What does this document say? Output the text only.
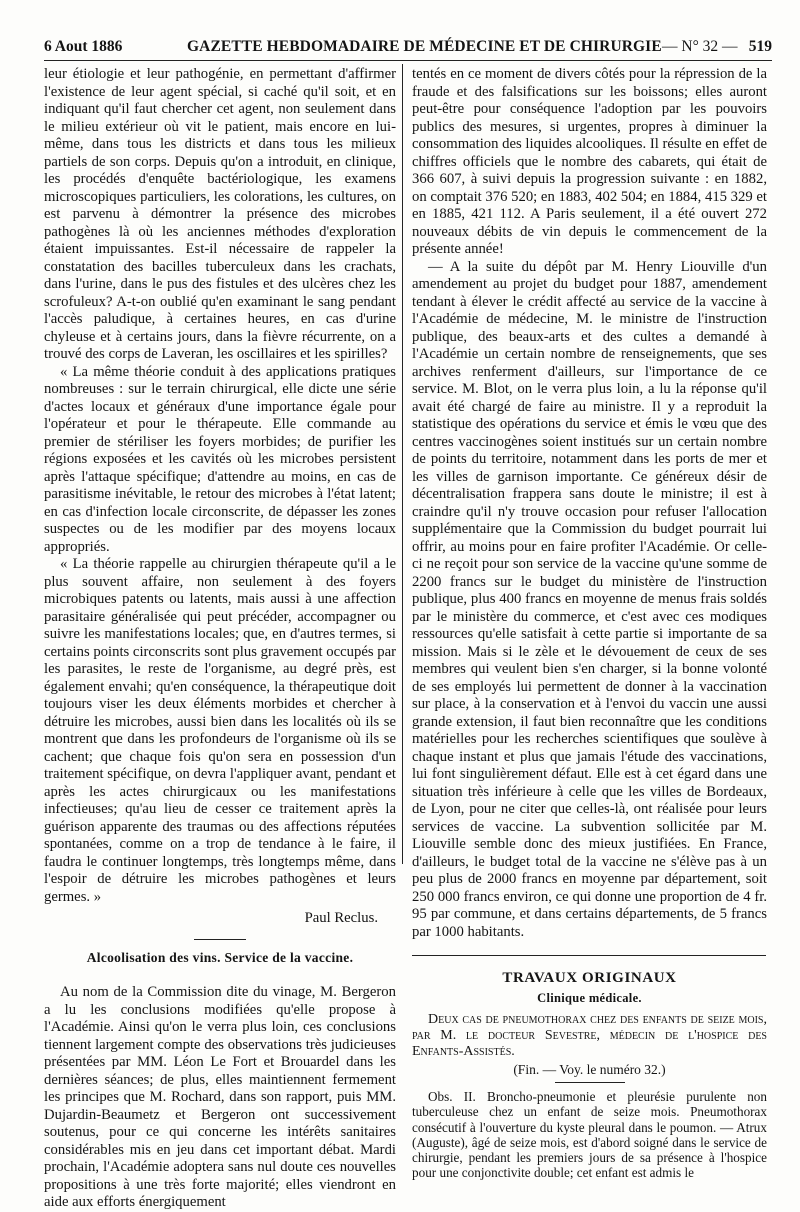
6 Aout 1886	GAZETTE HEBDOMADAIRE DE MÉDECINE ET DE CHIRURGIE — N° 32 — 519

leur étiologie et leur pathogénie, en permettant d'affirmer l'existence de leur agent spécial, si caché qu'il soit, et en indiquant qu'il faut chercher cet agent, non seulement dans le milieu extérieur où vit le patient, mais encore en lui-même, dans tous les districts et dans tous les milieux partiels de son corps. Depuis qu'on a introduit, en clinique, les procédés d'enquête bactériologique, les examens microscopiques particuliers, les colorations, les cultures, on est parvenu à démontrer la présence des microbes pathogènes là où les anciennes méthodes d'exploration étaient impuissantes. Est-il nécessaire de rappeler la constatation des bacilles tuberculeux dans les crachats, dans l'urine, dans le pus des fistules et des ulcères chez les scrofuleux? A-t-on oublié qu'en examinant le sang pendant l'accès paludique, à certaines heures, en cas d'urine chyleuse et à certains jours, dans la fièvre récurrente, on a trouvé des corps de Laveran, les oscillaires et les spirilles?

« La même théorie conduit à des applications pratiques nombreuses : sur le terrain chirurgical, elle dicte une série d'actes locaux et généraux d'une importance égale pour l'opérateur et pour le thérapeute. Elle commande au premier de stériliser les foyers morbides; de purifier les régions exposées et les cavités où les microbes persistent après l'attaque spécifique; d'attendre au moins, en cas de parasitisme inévitable, le retour des microbes à l'état latent; en cas d'infection locale circonscrite, de dépasser les zones suspectes ou de les modifier par des moyens locaux appropriés.

« La théorie rappelle au chirurgien thérapeute qu'il a le plus souvent affaire, non seulement à des foyers microbiques patents ou latents, mais aussi à une affection parasitaire généralisée qui peut précéder, accompagner ou suivre les manifestations locales; que, en d'autres termes, si certains points circonscrits sont plus gravement occupés par les parasites, le reste de l'organisme, au degré près, est également envahi; qu'en conséquence, la thérapeutique doit toujours viser les deux éléments morbides et chercher à détruire les microbes, aussi bien dans les localités où ils se montrent que dans les profondeurs de l'organisme où ils se cachent; que chaque fois qu'on sera en possession d'un traitement spécifique, on devra l'appliquer avant, pendant et après les actes chirurgicaux ou les manifestations infectieuses; qu'au lieu de cesser ce traitement après la guérison apparente des traumas ou des affections réputées spontanées, comme on a trop de tendance à le faire, il faudra le continuer longtemps, très longtemps même, dans l'espoir de détruire les microbes pathogènes et leurs germes. »

Paul Reclus.
Alcoolisation des vins. Service de la vaccine.

Au nom de la Commission dite du vinage, M. Bergeron a lu les conclusions modifiées qu'elle propose à l'Académie. Ainsi qu'on le verra plus loin, ces conclusions tiennent largement compte des observations très judicieuses présentées par MM. Léon Le Fort et Brouardel dans les dernières séances; de plus, elles maintiennent fermement les principes que M. Rochard, dans son rapport, puis MM. Dujardin-Beaumetz et Bergeron ont successivement soutenus, pour ce qui concerne les intérêts sanitaires considérables mis en jeu dans cet important débat. Mardi prochain, l'Académie adoptera sans nul doute ces nouvelles propositions à une très forte majorité; elles viendront en aide aux efforts énergiquement

tentés en ce moment de divers côtés pour la répression de la fraude et des falsifications sur les boissons; elles auront peut-être pour conséquence l'adoption par les pouvoirs publics des mesures, si urgentes, propres à diminuer la consommation des liquides alcooliques. Il résulte en effet de chiffres officiels que le nombre des cabarets, qui était de 366 607, à suivi depuis la progression suivante : en 1882, on comptait 376 520; en 1883, 402 504; en 1884, 415 329 et en 1885, 421 112. A Paris seulement, il a été ouvert 272 nouveaux débits de vin depuis le commencement de la présente année!

— A la suite du dépôt par M. Henry Liouville d'un amendement au projet du budget pour 1887, amendement tendant à élever le crédit affecté au service de la vaccine à l'Académie de médecine, M. le ministre de l'instruction publique, des beaux-arts et des cultes a demandé à l'Académie un certain nombre de renseignements, que ses archives renferment d'ailleurs, sur l'importance de ce service. M. Blot, on le verra plus loin, a lu la réponse qu'il avait été chargé de faire au ministre. Il y a reproduit la statistique des opérations du service et émis le vœu que des centres vaccinogènes soient institués sur un certain nombre de points du territoire, notamment dans les ports de mer et les villes de garnison importante. Ce généreux désir de décentralisation frappera sans doute le ministre; il est à craindre qu'il n'y trouve occasion pour refuser l'allocation supplémentaire que la Commission du budget pourrait lui offrir, au moins pour en faire profiter l'Académie. Or celle-ci ne reçoit pour son service de la vaccine qu'une somme de 2200 francs sur le budget du ministère de l'instruction publique, plus 400 francs en moyenne de menus frais soldés par le ministère du commerce, et c'est avec ces modiques ressources qu'elle satisfait à cette partie si importante de sa mission. Mais si le zèle et le dévouement de ceux de ses membres qui veulent bien s'en charger, si la bonne volonté de ses employés lui permettent de donner à la vaccination sur place, à la conservation et à l'envoi du vaccin une aussi grande extension, il faut bien reconnaître que les conditions matérielles pour les recherches scientifiques que soulève à chaque instant et plus que jamais l'étude des vaccinations, lui font singulièrement défaut. Elle est à cet égard dans une situation très inférieure à celle que les villes de Bordeaux, de Lyon, pour ne citer que celles-là, ont réalisée pour leurs services de vaccine. La subvention sollicitée par M. Liouville semble donc des mieux justifiées. En France, d'ailleurs, le budget total de la vaccine ne s'élève pas à un peu plus de 2000 francs en moyenne par département, soit 250 000 francs environ, ce qui donne une proportion de 4 fr. 95 par commune, et dans certains départements, de 5 francs par 1000 habitants.

TRAVAUX ORIGINAUX
Clinique médicale.

Deux cas de pneumothorax chez des enfants de seize mois, par M. le docteur Sevestre, médecin de l'hospice des Enfants-Assistés.

(Fin. — Voy. le numéro 32.)

Obs. II. Broncho-pneumonie et pleurésie purulente non tuberculeuse chez un enfant de seize mois. Pneumothorax consécutif à l'ouverture du kyste pleural dans le poumon. — Atrux (Auguste), âgé de seize mois, est d'abord soigné dans le service de chirurgie, pendant les premiers jours de sa présence à l'hospice pour une conjonctivite double; cet enfant est admis le
